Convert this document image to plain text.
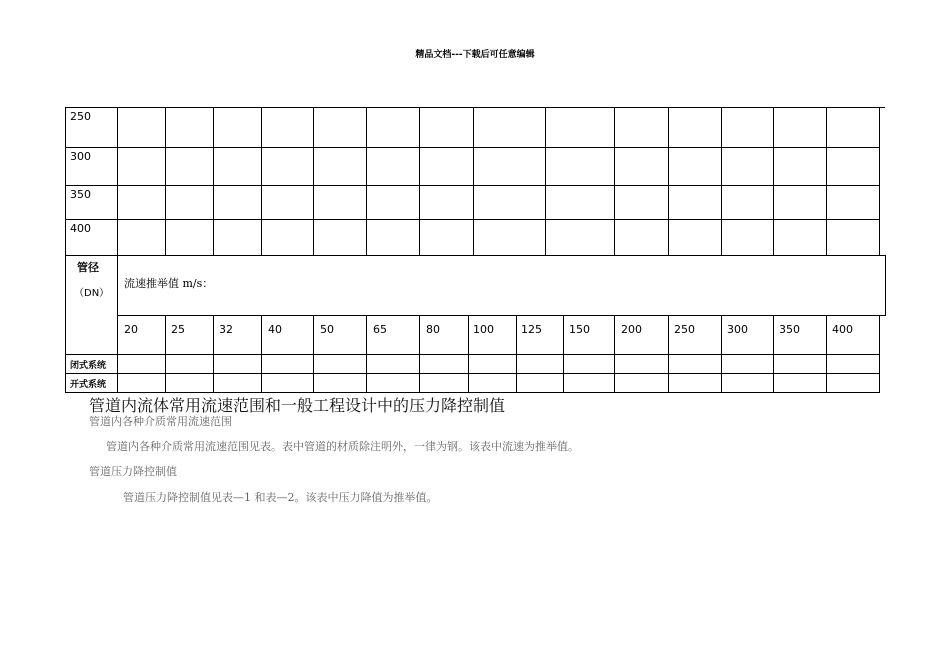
精品文档---下载后可任意编辑
250
300
350
400
管径
（DN）
流速推举值 m/s：
20	25	32	40	50	65	80	100 125 150	200	250	300	350	400
闭式系统
开式系统
管道内流体常用流速范围和一般工程设计中的压力降控制值
管道内各种介质常用流速范围
管道内各种介质常用流速范围见表。表中管道的材质除注明外，一律为钢。该表中流速为推举值。
管道压力降控制值
管道压力降控制值见表—1 和表—2。该表中压力降值为推举值。
